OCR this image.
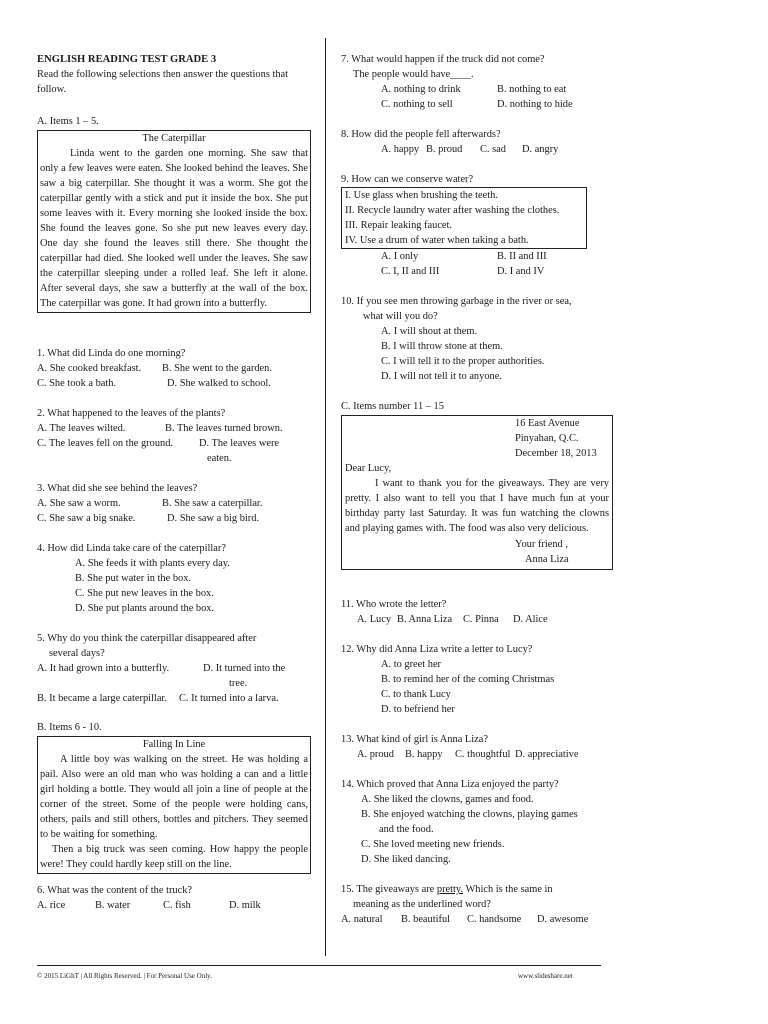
ENGLISH READING TEST GRADE 3
Read the following selections then answer the questions that follow.
A. Items 1 – 5.
The Caterpillar

Linda went to the garden one morning. She saw that only a few leaves were eaten. She looked behind the leaves. She saw a big caterpillar. She thought it was a worm. She got the caterpillar gently with a stick and put it inside the box. She put some leaves with it. Every morning she looked inside the box. She found the leaves gone. So she put new leaves every day. One day she found the leaves still there. She thought the caterpillar had died. She looked well under the leaves. She saw the caterpillar sleeping under a rolled leaf. She left it alone. After several days, she saw a butterfly at the wall of the box. The caterpillar was gone. It had grown into a butterfly.

1. What did Linda do one morning?
A. She cooked breakfast.	B. She went to the garden.
C. She took a bath.	D. She walked to school.
2. What happened to the leaves of the plants?
A. The leaves wilted.	B. The leaves turned brown.
C. The leaves fell on the ground.	D. The leaves were
eaten.
3. What did she see behind the leaves?
A. She saw a worm.	B. She saw a caterpillar.
C. She saw a big snake.	D. She saw a big bird.
4. How did Linda take care of the caterpillar?
A. She feeds it with plants every day.
B. She put water in the box.
C. She put new leaves in the box.
D. She put plants around the box.
5. Why do you think the caterpillar disappeared after
several days?
A. It had grown into a butterfly.	D. It turned into the
tree.
B. It became a large caterpillar.	C. It turned into a larva.
B. Items 6 - 10.
Falling In Line

A little boy was walking on the street. He was holding a pail. Also were an old man who was holding a can and a little girl holding a bottle. They would all join a line of people at the corner of the street. Some of the people were holding cans, others, pails and still others, bottles and pitchers. They seemed to be waiting for something.

Then a big truck was seen coming. How happy the people were! They could hardly keep still on the line.

6. What was the content of the truck?
A. rice	B. water	C. fish	D. milk
7. What would happen if the truck did not come?
The people would have____.
A. nothing to drink	B. nothing to eat
C. nothing to sell	D. nothing to hide
8. How did the people fell afterwards?
A. happy B. proud	C. sad	D. angry
9. How can we conserve water?
I. Use glass when brushing the teeth.
II. Recycle laundry water after washing the clothes.
III. Repair leaking faucet.
IV. Use a drum of water when taking a bath.
A. I only	B. II and III
C. I, II and III	D. I and IV
10. If you see men throwing garbage in the river or sea,
what will you do?
A. I will shout at them.
B. I will throw stone at them.
C. I will tell it to the proper authorities.
D. I will not tell it to anyone.
C. Items number 11 – 15
16 East Avenue
Pinyahan, Q.C.
December 18, 2013
Dear Lucy,

I want to thank you for the giveaways. They are very pretty. I also want to tell you that I have much fun at your birthday party last Saturday. It was fun watching the clowns and playing games with. The food was also very delicious.

Your friend ,
Anna Liza
11. Who wrote the letter?
A. Lucy B. Anna Liza	C. Pinna	D. Alice
12. Why did Anna Liza write a letter to Lucy?
A. to greet her
B. to remind her of the coming Christmas
C. to thank Lucy
D. to befriend her
13. What kind of girl is Anna Liza?
A. proud	B. happy	C. thoughtful D. appreciative
14. Which proved that Anna Liza enjoyed the party?
A. She liked the clowns, games and food.
B. She enjoyed watching the clowns, playing games
and the food.
C. She loved meeting new friends.
D. She liked dancing.
15. The giveaways are pretty. Which is the same in
meaning as the underlined word?
A. natural	B. beautiful	C. handsome	D. awesome
© 2015 LiGhT | All Rights Reserved. | For Personal Use Only.	www.slideshare.net
